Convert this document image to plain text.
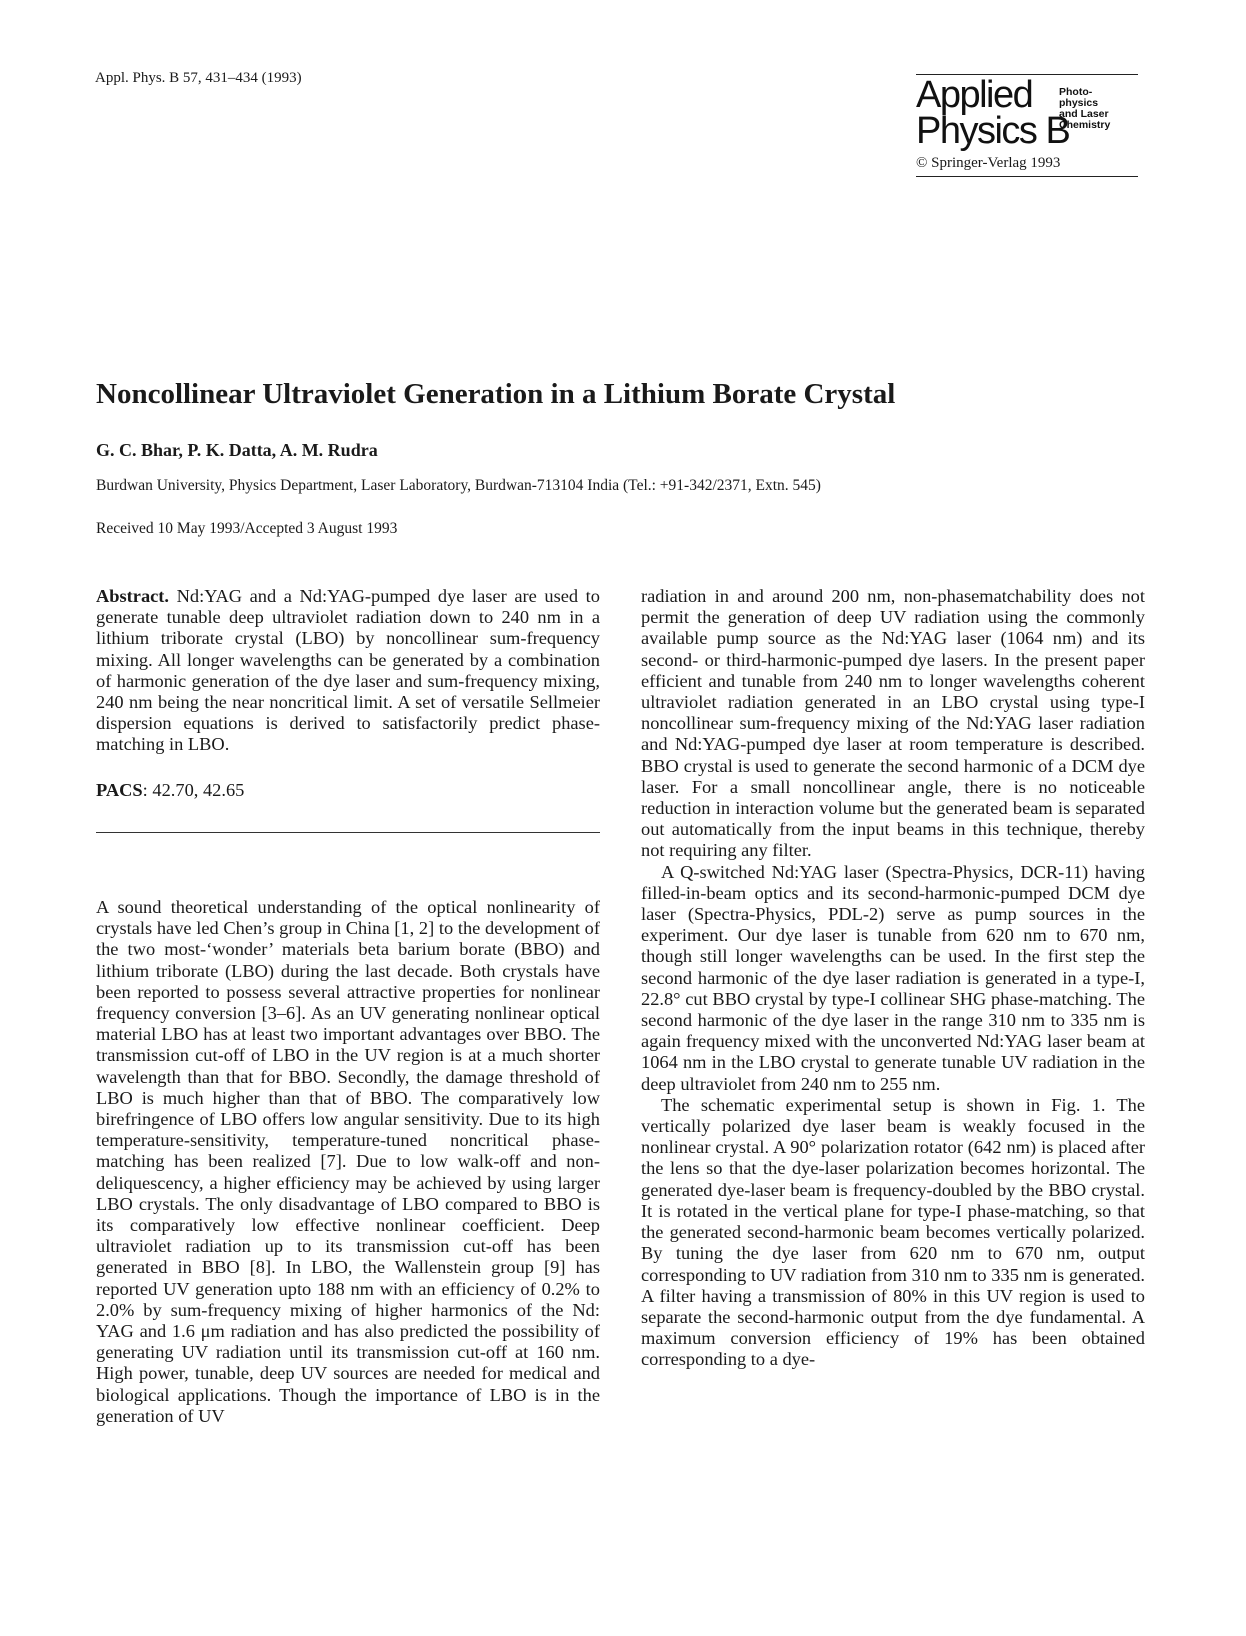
Appl. Phys. B 57, 431–434 (1993)	Applied
Physics B
Photo-
physics
and Laser
Chemistry
© Springer-Verlag 1993
Noncollinear Ultraviolet Generation in a Lithium Borate Crystal
G. C. Bhar, P. K. Datta, A. M. Rudra
Burdwan University, Physics Department, Laser Laboratory, Burdwan-713104 India (Tel.: +91-342/2371, Extn. 545)
Received 10 May 1993/Accepted 3 August 1993

Abstract. Nd:YAG and a Nd:YAG-pumped dye laser are used to generate tunable deep ultraviolet radiation down to 240 nm in a lithium triborate crystal (LBO) by noncollinear sum-frequency mixing. All longer wavelengths can be generated by a combination of harmonic generation of the dye laser and sum-frequency mixing, 240 nm being the near noncritical limit. A set of versatile Sellmeier dispersion equations is derived to satisfactorily predict phase-matching in LBO.

PACS: 42.70, 42.65

A sound theoretical understanding of the optical nonlinearity of crystals have led Chen’s group in China [1, 2] to the development of the two most-‘wonder’ materials beta barium borate (BBO) and lithium triborate (LBO) during the last decade. Both crystals have been reported to possess several attractive properties for nonlinear frequency conversion [3–6]. As an UV generating nonlinear optical material LBO has at least two important advantages over BBO. The transmission cut-off of LBO in the UV region is at a much shorter wavelength than that for BBO. Secondly, the damage threshold of LBO is much higher than that of BBO. The comparatively low birefringence of LBO offers low angular sensitivity. Due to its high temperature-sensitivity, temperature-tuned noncritical phase-matching has been realized [7]. Due to low walk-off and non-deliquescency, a higher efficiency may be achieved by using larger LBO crystals. The only disadvantage of LBO compared to BBO is its comparatively low effective nonlinear coefficient. Deep ultraviolet radiation up to its transmission cut-off has been generated in BBO [8]. In LBO, the Wallenstein group [9] has reported UV generation upto 188 nm with an efficiency of 0.2% to 2.0% by sum-frequency mixing of higher harmonics of the Nd: YAG and 1.6 μm radiation and has also predicted the possibility of generating UV radiation until its transmission cut-off at 160 nm. High power, tunable, deep UV sources are needed for medical and biological applications. Though the importance of LBO is in the generation of UV

radiation in and around 200 nm, non-phasematchability does not permit the generation of deep UV radiation using the commonly available pump source as the Nd:YAG laser (1064 nm) and its second- or third-harmonic-pumped dye lasers. In the present paper efficient and tunable from 240 nm to longer wavelengths coherent ultraviolet radiation generated in an LBO crystal using type-I noncollinear sum-frequency mixing of the Nd:YAG laser radiation and Nd:YAG-pumped dye laser at room temperature is described. BBO crystal is used to generate the second harmonic of a DCM dye laser. For a small noncollinear angle, there is no noticeable reduction in interaction volume but the generated beam is separated out automatically from the input beams in this technique, thereby not requiring any filter.

A Q-switched Nd:YAG laser (Spectra-Physics, DCR-11) having filled-in-beam optics and its second-harmonic-pumped DCM dye laser (Spectra-Physics, PDL-2) serve as pump sources in the experiment. Our dye laser is tunable from 620 nm to 670 nm, though still longer wavelengths can be used. In the first step the second harmonic of the dye laser radiation is generated in a type-I, 22.8° cut BBO crystal by type-I collinear SHG phase-matching. The second harmonic of the dye laser in the range 310 nm to 335 nm is again frequency mixed with the unconverted Nd:YAG laser beam at 1064 nm in the LBO crystal to generate tunable UV radiation in the deep ultraviolet from 240 nm to 255 nm.

The schematic experimental setup is shown in Fig. 1. The vertically polarized dye laser beam is weakly focused in the nonlinear crystal. A 90° polarization rotator (642 nm) is placed after the lens so that the dye-laser polarization becomes horizontal. The generated dye-laser beam is frequency-doubled by the BBO crystal. It is rotated in the vertical plane for type-I phase-matching, so that the generated second-harmonic beam becomes vertically polarized. By tuning the dye laser from 620 nm to 670 nm, output corresponding to UV radiation from 310 nm to 335 nm is generated. A filter having a transmission of 80% in this UV region is used to separate the second-harmonic output from the dye fundamental. A maximum conversion efficiency of 19% has been obtained corresponding to a dye-
